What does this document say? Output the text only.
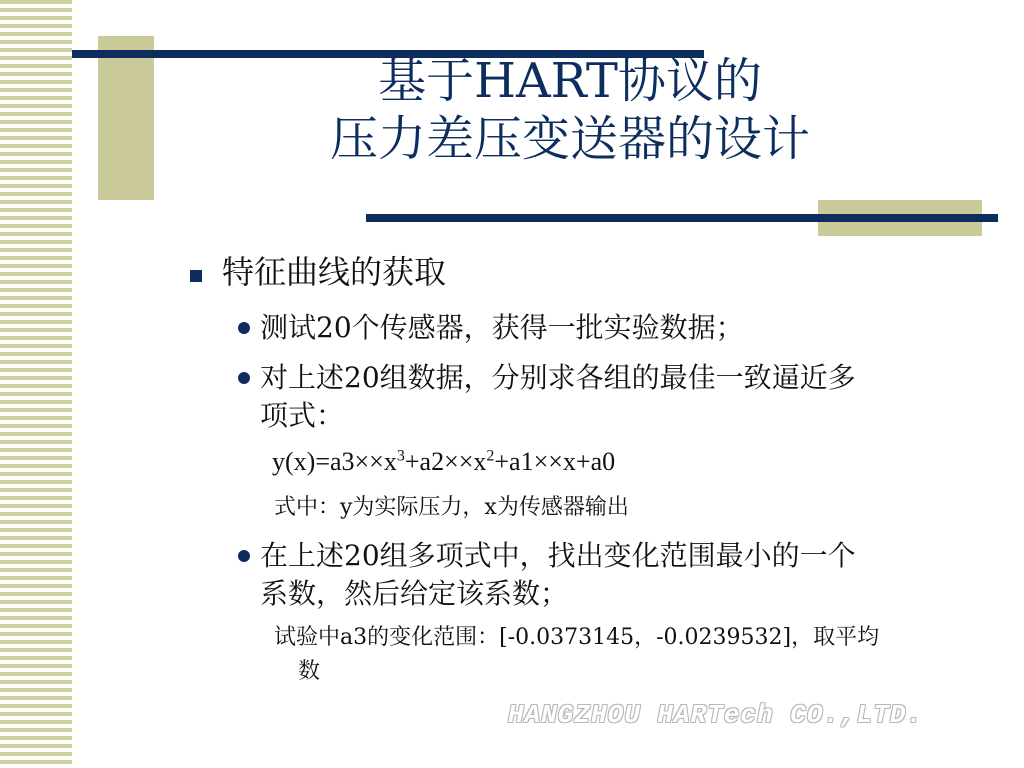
基于HART协议的
压力差压变送器的设计
特征曲线的获取
测试20个传感器，获得一批实验数据；
对上述20组数据，分别求各组的最佳一致逼近多
项式：
$y(x)=a3\times\times x^3+a2\times\times x^2+a1\times\times x+a0$
式中：y为实际压力，x为传感器输出
在上述20组多项式中，找出变化范围最小的一个
系数，然后给定该系数；
试验中a3的变化范围：[-0.0373145，-0.0239532]，取平均
数
HANGZHOU HARTech CO.,LTD.
